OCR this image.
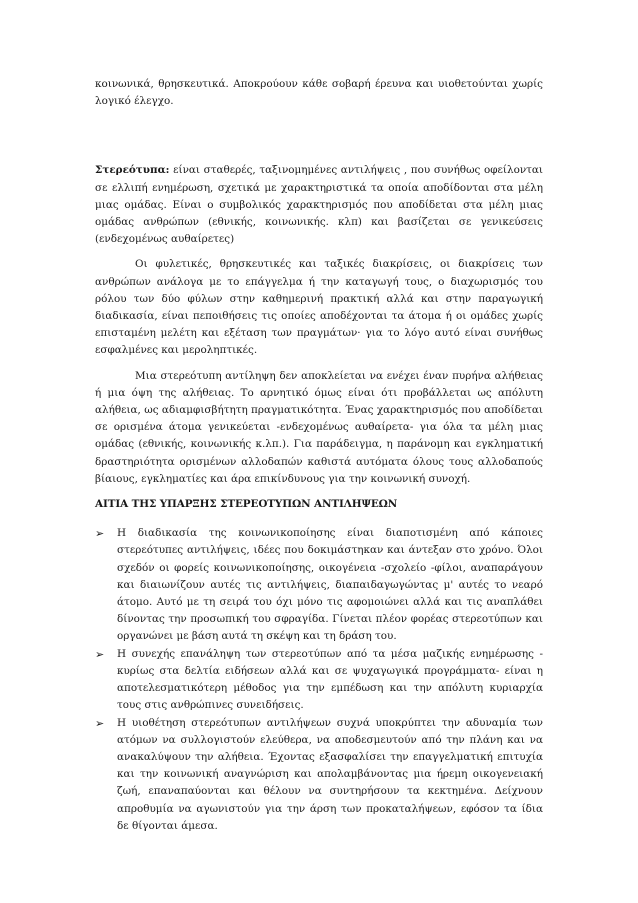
κοινωνικά, θρησκευτικά. Αποκρούουν κάθε σοβαρή έρευνα και υιοθετούνται χωρίς λογικό έλεγχο.

Στερεότυπα: είναι σταθερές, ταξινομημένες αντιλήψεις , που συνήθως οφείλονται σε ελλιπή ενημέρωση, σχετικά με χαρακτηριστικά τα οποία αποδίδονται στα μέλη μιας ομάδας. Είναι ο συμβολικός χαρακτηρισμός που αποδίδεται στα μέλη μιας ομάδας ανθρώπων (εθνικής, κοινωνικής. κλπ) και βασίζεται σε γενικεύσεις (ενδεχομένως αυθαίρετες)

Οι φυλετικές, θρησκευτικές και ταξικές διακρίσεις, οι διακρίσεις των ανθρώπων ανάλογα με το επάγγελμα ή την καταγωγή τους, ο διαχωρισμός του ρόλου των δύο φύλων στην καθημερινή πρακτική αλλά και στην παραγωγική διαδικασία, είναι πεποιθήσεις τις οποίες αποδέχονται τα άτομα ή οι ομάδες χωρίς επισταμένη μελέτη και εξέταση των πραγμάτων· για το λόγο αυτό είναι συνήθως εσφαλμένες και μεροληπτικές.

Μια στερεότυπη αντίληψη δεν αποκλείεται να ενέχει έναν πυρήνα αλήθειας ή μια όψη της αλήθειας. Το αρνητικό όμως είναι ότι προβάλλεται ως απόλυτη αλήθεια, ως αδιαμφισβήτητη πραγματικότητα. Ένας χαρακτηρισμός που αποδίδεται σε ορισμένα άτομα γενικεύεται -ενδεχομένως αυθαίρετα- για όλα τα μέλη μιας ομάδας (εθνικής, κοινωνικής κ.λπ.). Για παράδειγμα, η παράνομη και εγκληματική δραστηριότητα ορισμένων αλλοδαπών καθιστά αυτόματα όλους τους αλλοδαπούς βίαιους, εγκληματίες και άρα επικίνδυνους για την κοινωνική συνοχή.

ΑΙΤΙΑ ΤΗΣ ΥΠΑΡΞΗΣ ΣΤΕΡΕΟΤΥΠΩΝ ΑΝΤΙΛΗΨΕΩΝ

➢ Η διαδικασία της κοινωνικοποίησης είναι διαποτισμένη από κάποιες στερεότυπες αντιλήψεις, ιδέες που δοκιμάστηκαν και άντεξαν στο χρόνο. Όλοι σχεδόν οι φορείς κοινωνικοποίησης, οικογένεια -σχολείο -φίλοι, αναπαράγουν και διαιωνίζουν αυτές τις αντιλήψεις, διαπαιδαγωγώντας μ' αυτές το νεαρό άτομο. Αυτό με τη σειρά του όχι μόνο τις αφομοιώνει αλλά και τις αναπλάθει δίνοντας την προσωπική του σφραγίδα. Γίνεται πλέον φορέας στερεοτύπων και οργανώνει με βάση αυτά τη σκέψη και τη δράση του.
➢ Η συνεχής επανάληψη των στερεοτύπων από τα μέσα μαζικής ενημέρωσης - κυρίως στα δελτία ειδήσεων αλλά και σε ψυχαγωγικά προγράμματα- είναι η αποτελεσματικότερη μέθοδος για την εμπέδωση και την απόλυτη κυριαρχία τους στις ανθρώπινες συνειδήσεις.
➢ Η υιοθέτηση στερεότυπων αντιλήψεων συχνά υποκρύπτει την αδυναμία των ατόμων να συλλογιστούν ελεύθερα, να αποδεσμευτούν από την πλάνη και να ανακαλύψουν την αλήθεια. Έχοντας εξασφαλίσει την επαγγελματική επιτυχία και την κοινωνική αναγνώριση και απολαμβάνοντας μια ήρεμη οικογενειακή ζωή, επαναπαύονται και θέλουν να συντηρήσουν τα κεκτημένα. Δείχνουν απροθυμία να αγωνιστούν για την άρση των προκαταλήψεων, εφόσον τα ίδια δε θίγονται άμεσα.
